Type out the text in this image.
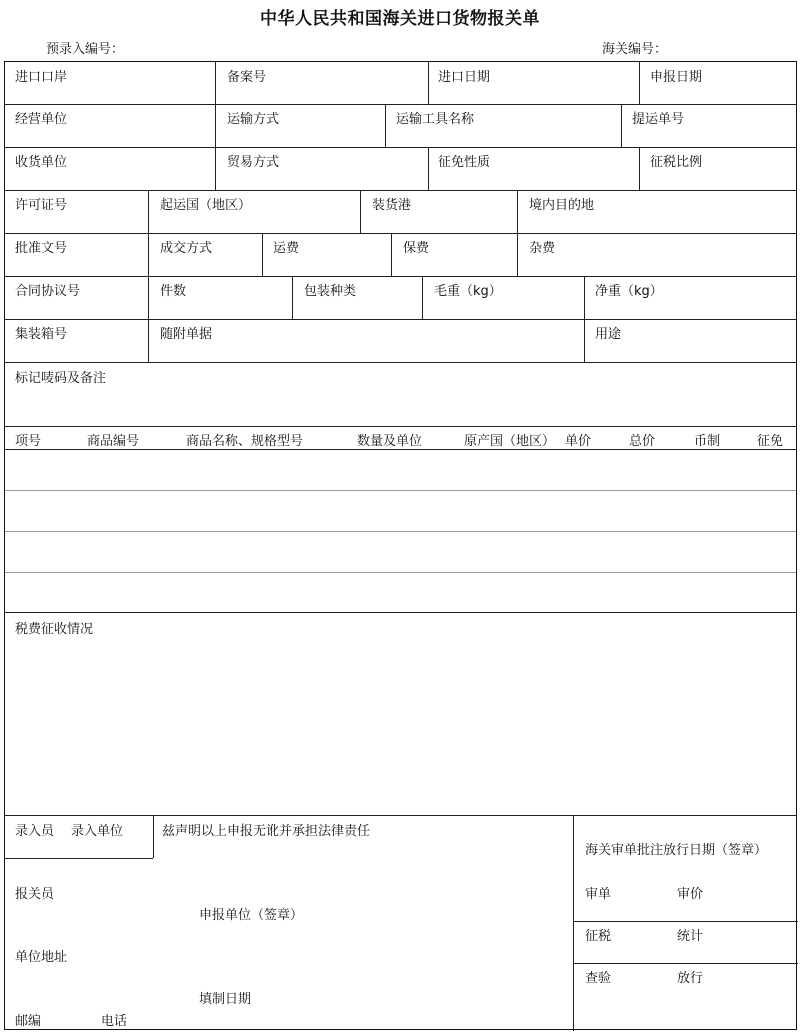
中华人民共和国海关进口货物报关单
预录入编号：	海关编号：
进口口岸	备案号	进口日期	申报日期
经营单位	运输方式	运输工具名称	提运单号
收货单位	贸易方式	征免性质	征税比例
许可证号	起运国（地区）	装货港	境内目的地
批准文号	成交方式	运费	保费	杂费
合同协议号	件数	包装种类	毛重（kg）	净重（kg）
集装箱号	随附单据	用途
标记唛码及备注
项号	商品编号	商品名称、规格型号	数量及单位	原产国（地区） 单价	总价	币制	征免
税费征收情况
录入员 录入单位	兹声明以上申报无讹并承担法律责任
报关员
申报单位（签章）
单位地址
填制日期
邮编	电话
海关审单批注放行日期（签章）
审单	审价
征税	统计
查验	放行
